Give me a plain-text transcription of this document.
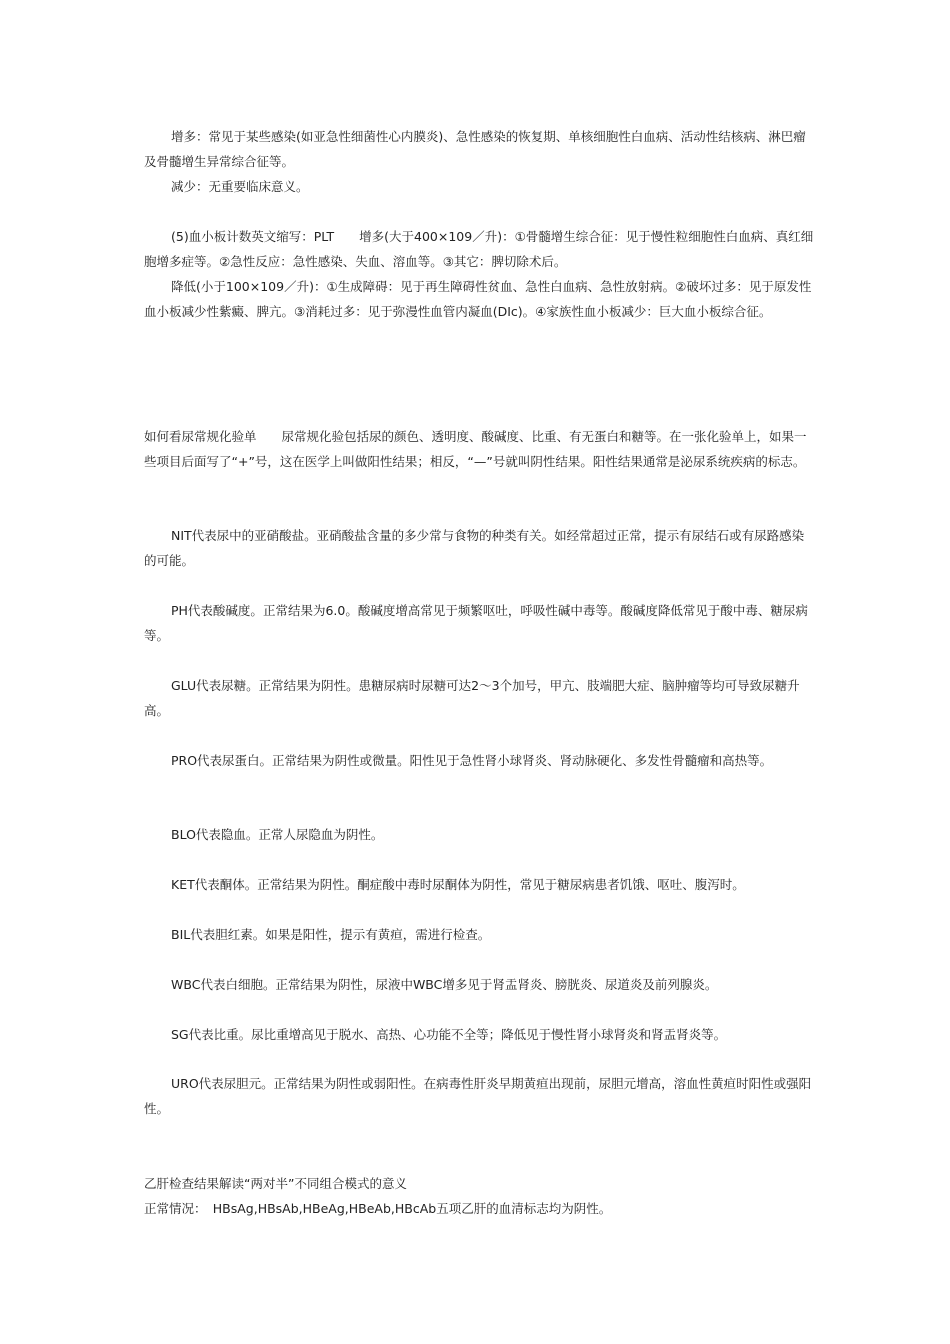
增多：常见于某些感染(如亚急性细菌性心内膜炎)、急性感染的恢复期、单核细胞性白血病、活动性结核病、淋巴瘤及骨髓增生异常综合征等。

减少：无重要临床意义。

(5)血小板计数英文缩写：PLT　　增多(大于400×109／升)：①骨髓增生综合征：见于慢性粒细胞性白血病、真红细胞增多症等。②急性反应：急性感染、失血、溶血等。③其它：脾切除术后。

降低(小于100×109／升)：①生成障碍：见于再生障碍性贫血、急性白血病、急性放射病。②破坏过多：见于原发性血小板减少性紫癜、脾亢。③消耗过多：见于弥漫性血管内凝血(DIc)。④家族性血小板减少：巨大血小板综合征。

如何看尿常规化验单　　尿常规化验包括尿的颜色、透明度、酸碱度、比重、有无蛋白和糖等。在一张化验单上，如果一些项目后面写了“+”号，这在医学上叫做阳性结果；相反，“—”号就叫阴性结果。阳性结果通常是泌尿系统疾病的标志。

NIT代表尿中的亚硝酸盐。亚硝酸盐含量的多少常与食物的种类有关。如经常超过正常，提示有尿结石或有尿路感染的可能。

PH代表酸碱度。正常结果为6.0。酸碱度增高常见于频繁呕吐，呼吸性碱中毒等。酸碱度降低常见于酸中毒、糖尿病等。

GLU代表尿糖。正常结果为阴性。患糖尿病时尿糖可达2～3个加号，甲亢、肢端肥大症、脑肿瘤等均可导致尿糖升高。

PRO代表尿蛋白。正常结果为阴性或微量。阳性见于急性肾小球肾炎、肾动脉硬化、多发性骨髓瘤和高热等。

BLO代表隐血。正常人尿隐血为阴性。

KET代表酮体。正常结果为阴性。酮症酸中毒时尿酮体为阴性，常见于糖尿病患者饥饿、呕吐、腹泻时。

BIL代表胆红素。如果是阳性，提示有黄疸，需进行检查。

WBC代表白细胞。正常结果为阴性，尿液中WBC增多见于肾盂肾炎、膀胱炎、尿道炎及前列腺炎。

SG代表比重。尿比重增高见于脱水、高热、心功能不全等；降低见于慢性肾小球肾炎和肾盂肾炎等。

URO代表尿胆元。正常结果为阴性或弱阳性。在病毒性肝炎早期黄疸出现前，尿胆元增高，溶血性黄疸时阳性或强阳性。

乙肝检查结果解读“两对半”不同组合模式的意义

正常情况：　HBsAg,HBsAb,HBeAg,HBeAb,HBcAb五项乙肝的血清标志均为阴性。
